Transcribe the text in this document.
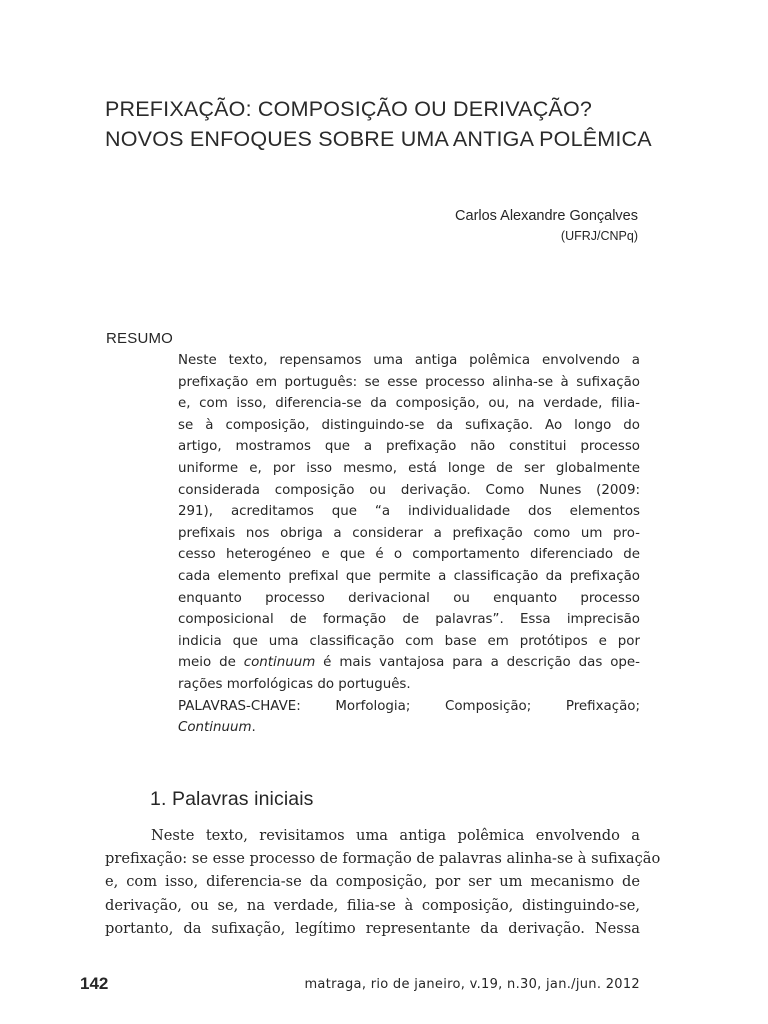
PREFIXAÇÃO: COMPOSIÇÃO OU DERIVAÇÃO?
NOVOS ENFOQUES SOBRE UMA ANTIGA POLÊMICA
Carlos Alexandre Gonçalves
(UFRJ/CNPq)
RESUMO
Neste texto, repensamos uma antiga polêmica envolvendo a
prefixação em português: se esse processo alinha-se à sufixação
e, com isso, diferencia-se da composição, ou, na verdade, filia-
se à composição, distinguindo-se da sufixação. Ao longo do
artigo, mostramos que a prefixação não constitui processo
uniforme e, por isso mesmo, está longe de ser globalmente
considerada composição ou derivação. Como Nunes (2009:
291), acreditamos que “a individualidade dos elementos
prefixais nos obriga a considerar a prefixação como um pro-
cesso heterogéneo e que é o comportamento diferenciado de
cada elemento prefixal que permite a classificação da prefixação
enquanto processo derivacional ou enquanto processo
composicional de formação de palavras”. Essa imprecisão
indicia que uma classificação com base em protótipos e por
meio de continuum é mais vantajosa para a descrição das ope-
rações morfológicas do português.
PALAVRAS-CHAVE: Morfologia; Composição; Prefixação;
Continuum.
1. Palavras iniciais
Neste texto, revisitamos uma antiga polêmica envolvendo a
prefixação: se esse processo de formação de palavras alinha-se à sufixação
e, com isso, diferencia-se da composição, por ser um mecanismo de
derivação, ou se, na verdade, filia-se à composição, distinguindo-se,
portanto, da sufixação, legítimo representante da derivação. Nessa
142	matraga, rio de janeiro, v.19, n.30, jan./jun. 2012
